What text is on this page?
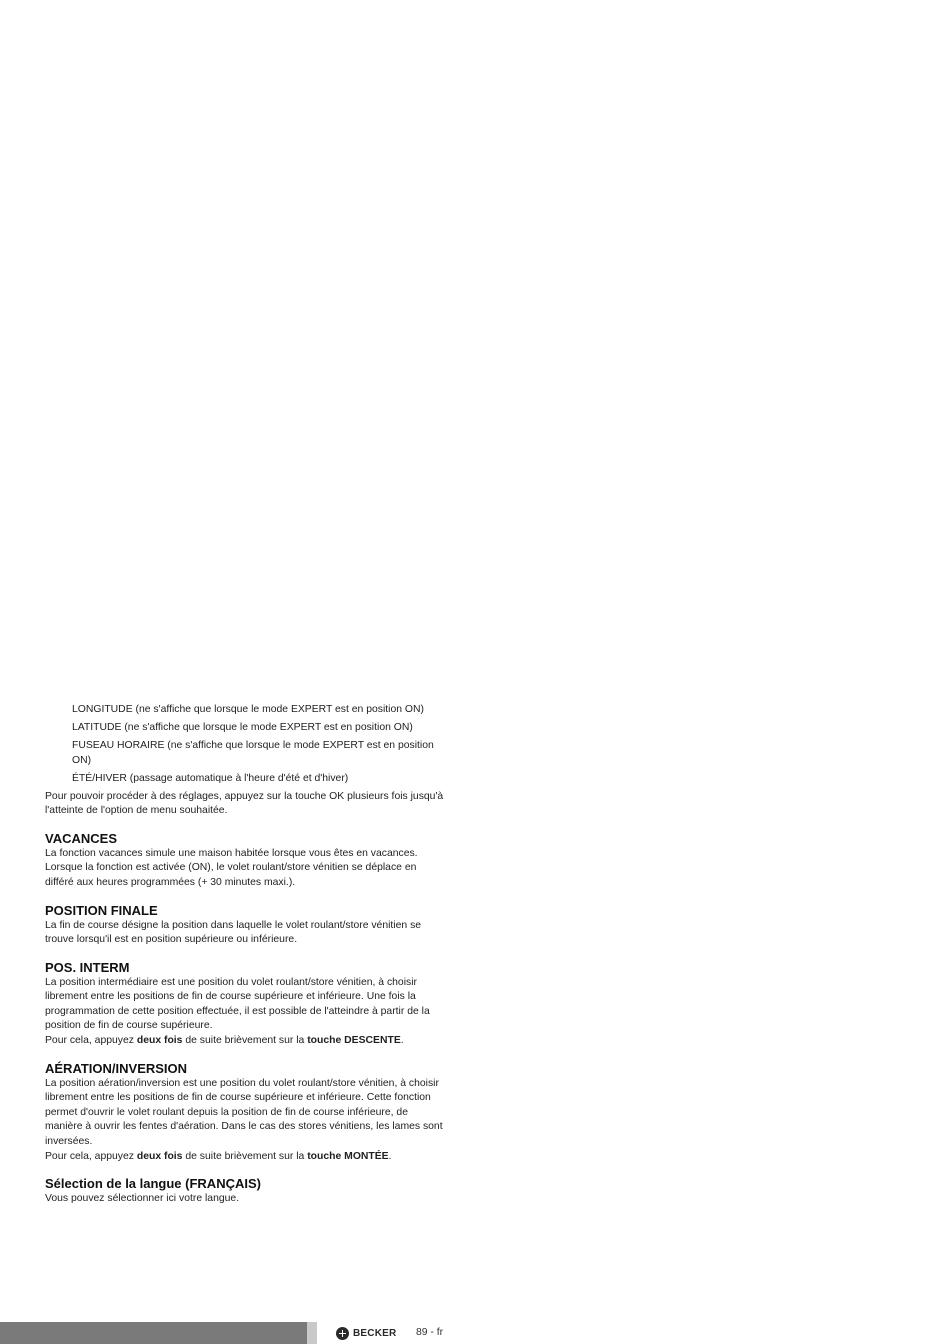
LONGITUDE (ne s'affiche que lorsque le mode EXPERT est en position ON)

LATITUDE (ne s'affiche que lorsque le mode EXPERT est en position ON)

FUSEAU HORAIRE (ne s'affiche que lorsque le mode EXPERT est en position ON)

ÉTÉ/HIVER (passage automatique à l'heure d'été et d'hiver)

Pour pouvoir procéder à des réglages, appuyez sur la touche OK plusieurs fois jusqu'à l'atteinte de l'option de menu souhaitée.

VACANCES

La fonction vacances simule une maison habitée lorsque vous êtes en vacances.

Lorsque la fonction est activée (ON), le volet roulant/store vénitien se déplace en différé aux heures programmées (+ 30 minutes maxi.).

POSITION FINALE

La fin de course désigne la position dans laquelle le volet roulant/store vénitien se trouve lorsqu'il est en position supérieure ou inférieure.

POS. INTERM

La position intermédiaire est une position du volet roulant/store vénitien, à choisir librement entre les positions de fin de course supérieure et inférieure. Une fois la programmation de cette position effectuée, il est possible de l'atteindre à partir de la position de fin de course supérieure.

Pour cela, appuyez deux fois de suite brièvement sur la touche DESCENTE.

AÉRATION/INVERSION

La position aération/inversion est une position du volet roulant/store vénitien, à choisir librement entre les positions de fin de course supérieure et inférieure. Cette fonction permet d'ouvrir le volet roulant depuis la position de fin de course inférieure, de manière à ouvrir les fentes d'aération. Dans le cas des stores vénitiens, les lames sont inversées.

Pour cela, appuyez deux fois de suite brièvement sur la touche MONTÉE.

Sélection de la langue (FRANÇAIS)

Vous pouvez sélectionner ici votre langue.

BECKER 89 - fr
